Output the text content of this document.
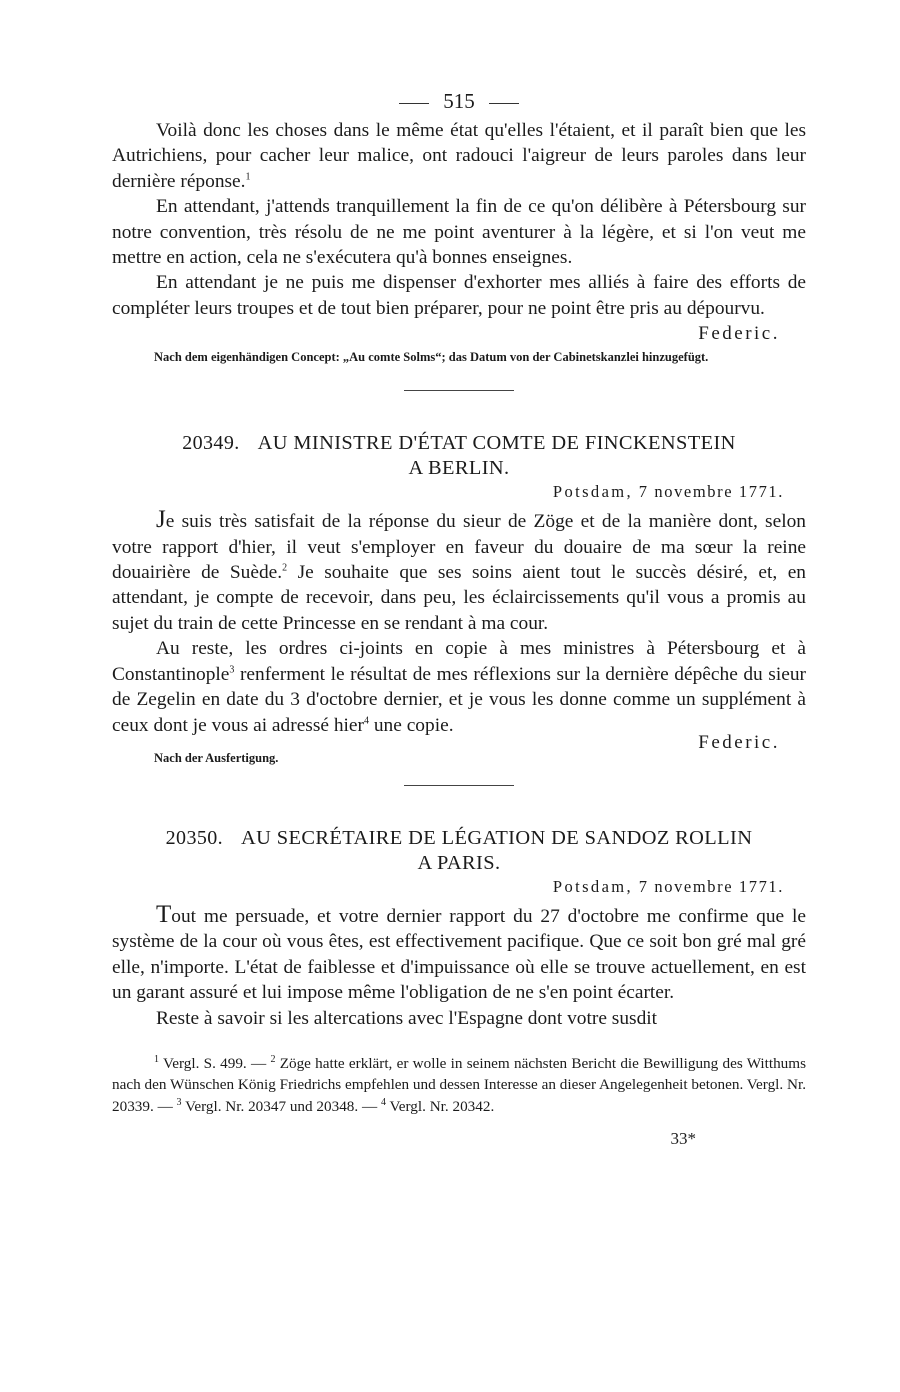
515

Voilà donc les choses dans le même état qu'elles l'étaient, et il paraît bien que les Autrichiens, pour cacher leur malice, ont radouci l'aigreur de leurs paroles dans leur dernière réponse.$^1$

En attendant, j'attends tranquillement la fin de ce qu'on délibère à Pétersbourg sur notre convention, très résolu de ne me point aventurer à la légère, et si l'on veut me mettre en action, cela ne s'exécutera qu'à bonnes enseignes.

En attendant je ne puis me dispenser d'exhorter mes alliés à faire des efforts de compléter leurs troupes et de tout bien préparer, pour ne point être pris au dépourvu.

Federic.
Nach dem eigenhändigen Concept: „Au comte Solms“; das Datum von der Cabinetskanzlei hinzugefügt.
20349. AU MINISTRE D'ÉTAT COMTE DE FINCKENSTEIN
A BERLIN.
Potsdam, 7 novembre 1771.

Je suis très satisfait de la réponse du sieur de Zöge et de la manière dont, selon votre rapport d'hier, il veut s'employer en faveur du douaire de ma sœur la reine douairière de Suède.$^2$ Je souhaite que ses soins aient tout le succès désiré, et, en attendant, je compte de recevoir, dans peu, les éclaircissements qu'il vous a promis au sujet du train de cette Princesse en se rendant à ma cour.

Au reste, les ordres ci-joints en copie à mes ministres à Pétersbourg et à Constantinople$^3$ renferment le résultat de mes réflexions sur la dernière dépêche du sieur de Zegelin en date du 3 d'octobre dernier, et je vous les donne comme un supplément à ceux dont je vous ai adressé hier$^4$ une copie.

Federic.
Nach der Ausfertigung.
20350. AU SECRÉTAIRE DE LÉGATION DE SANDOZ ROLLIN
A PARIS.
Potsdam, 7 novembre 1771.

Tout me persuade, et votre dernier rapport du 27 d'octobre me confirme que le système de la cour où vous êtes, est effectivement pacifique. Que ce soit bon gré mal gré elle, n'importe. L'état de faiblesse et d'impuissance où elle se trouve actuellement, en est un garant assuré et lui impose même l'obligation de ne s'en point écarter.

Reste à savoir si les altercations avec l'Espagne dont votre susdit

$^1$ Vergl. S. 499. — $^2$ Zöge hatte erklärt, er wolle in seinem nächsten Bericht die Bewilligung des Witthums nach den Wünschen König Friedrichs empfehlen und dessen Interesse an dieser Angelegenheit betonen. Vergl. Nr. 20339. — $^3$ Vergl. Nr. 20347 und 20348. — $^4$ Vergl. Nr. 20342.
33*
